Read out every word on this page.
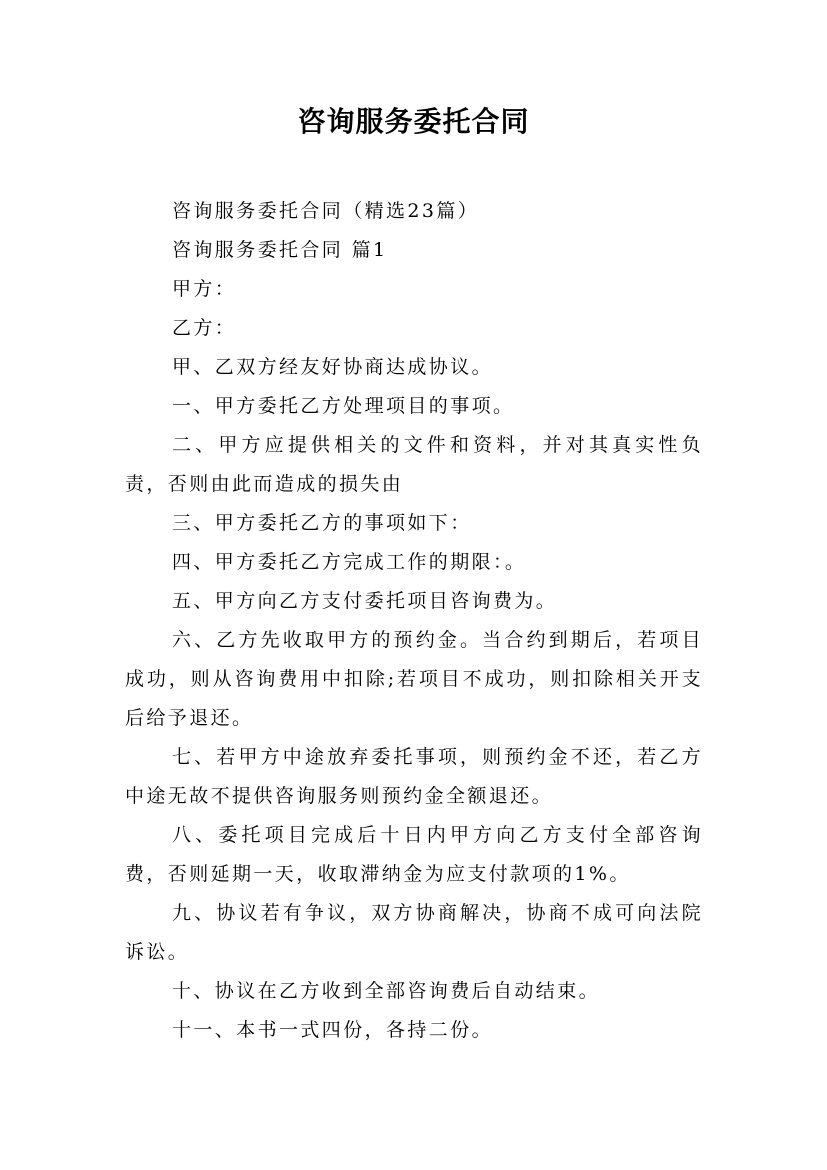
咨询服务委托合同

咨询服务委托合同（精选23篇）

咨询服务委托合同 篇1

甲方：

乙方：

甲、乙双方经友好协商达成协议。

一、甲方委托乙方处理项目的事项。

二、甲方应提供相关的文件和资料，并对其真实性负责，否则由此而造成的损失由

三、甲方委托乙方的事项如下：

四、甲方委托乙方完成工作的期限：。

五、甲方向乙方支付委托项目咨询费为。

六、乙方先收取甲方的预约金。当合约到期后，若项目成功，则从咨询费用中扣除;若项目不成功，则扣除相关开支后给予退还。

七、若甲方中途放弃委托事项，则预约金不还，若乙方中途无故不提供咨询服务则预约金全额退还。

八、委托项目完成后十日内甲方向乙方支付全部咨询费，否则延期一天，收取滞纳金为应支付款项的1%。

九、协议若有争议，双方协商解决，协商不成可向法院诉讼。

十、协议在乙方收到全部咨询费后自动结束。

十一、本书一式四份，各持二份。
